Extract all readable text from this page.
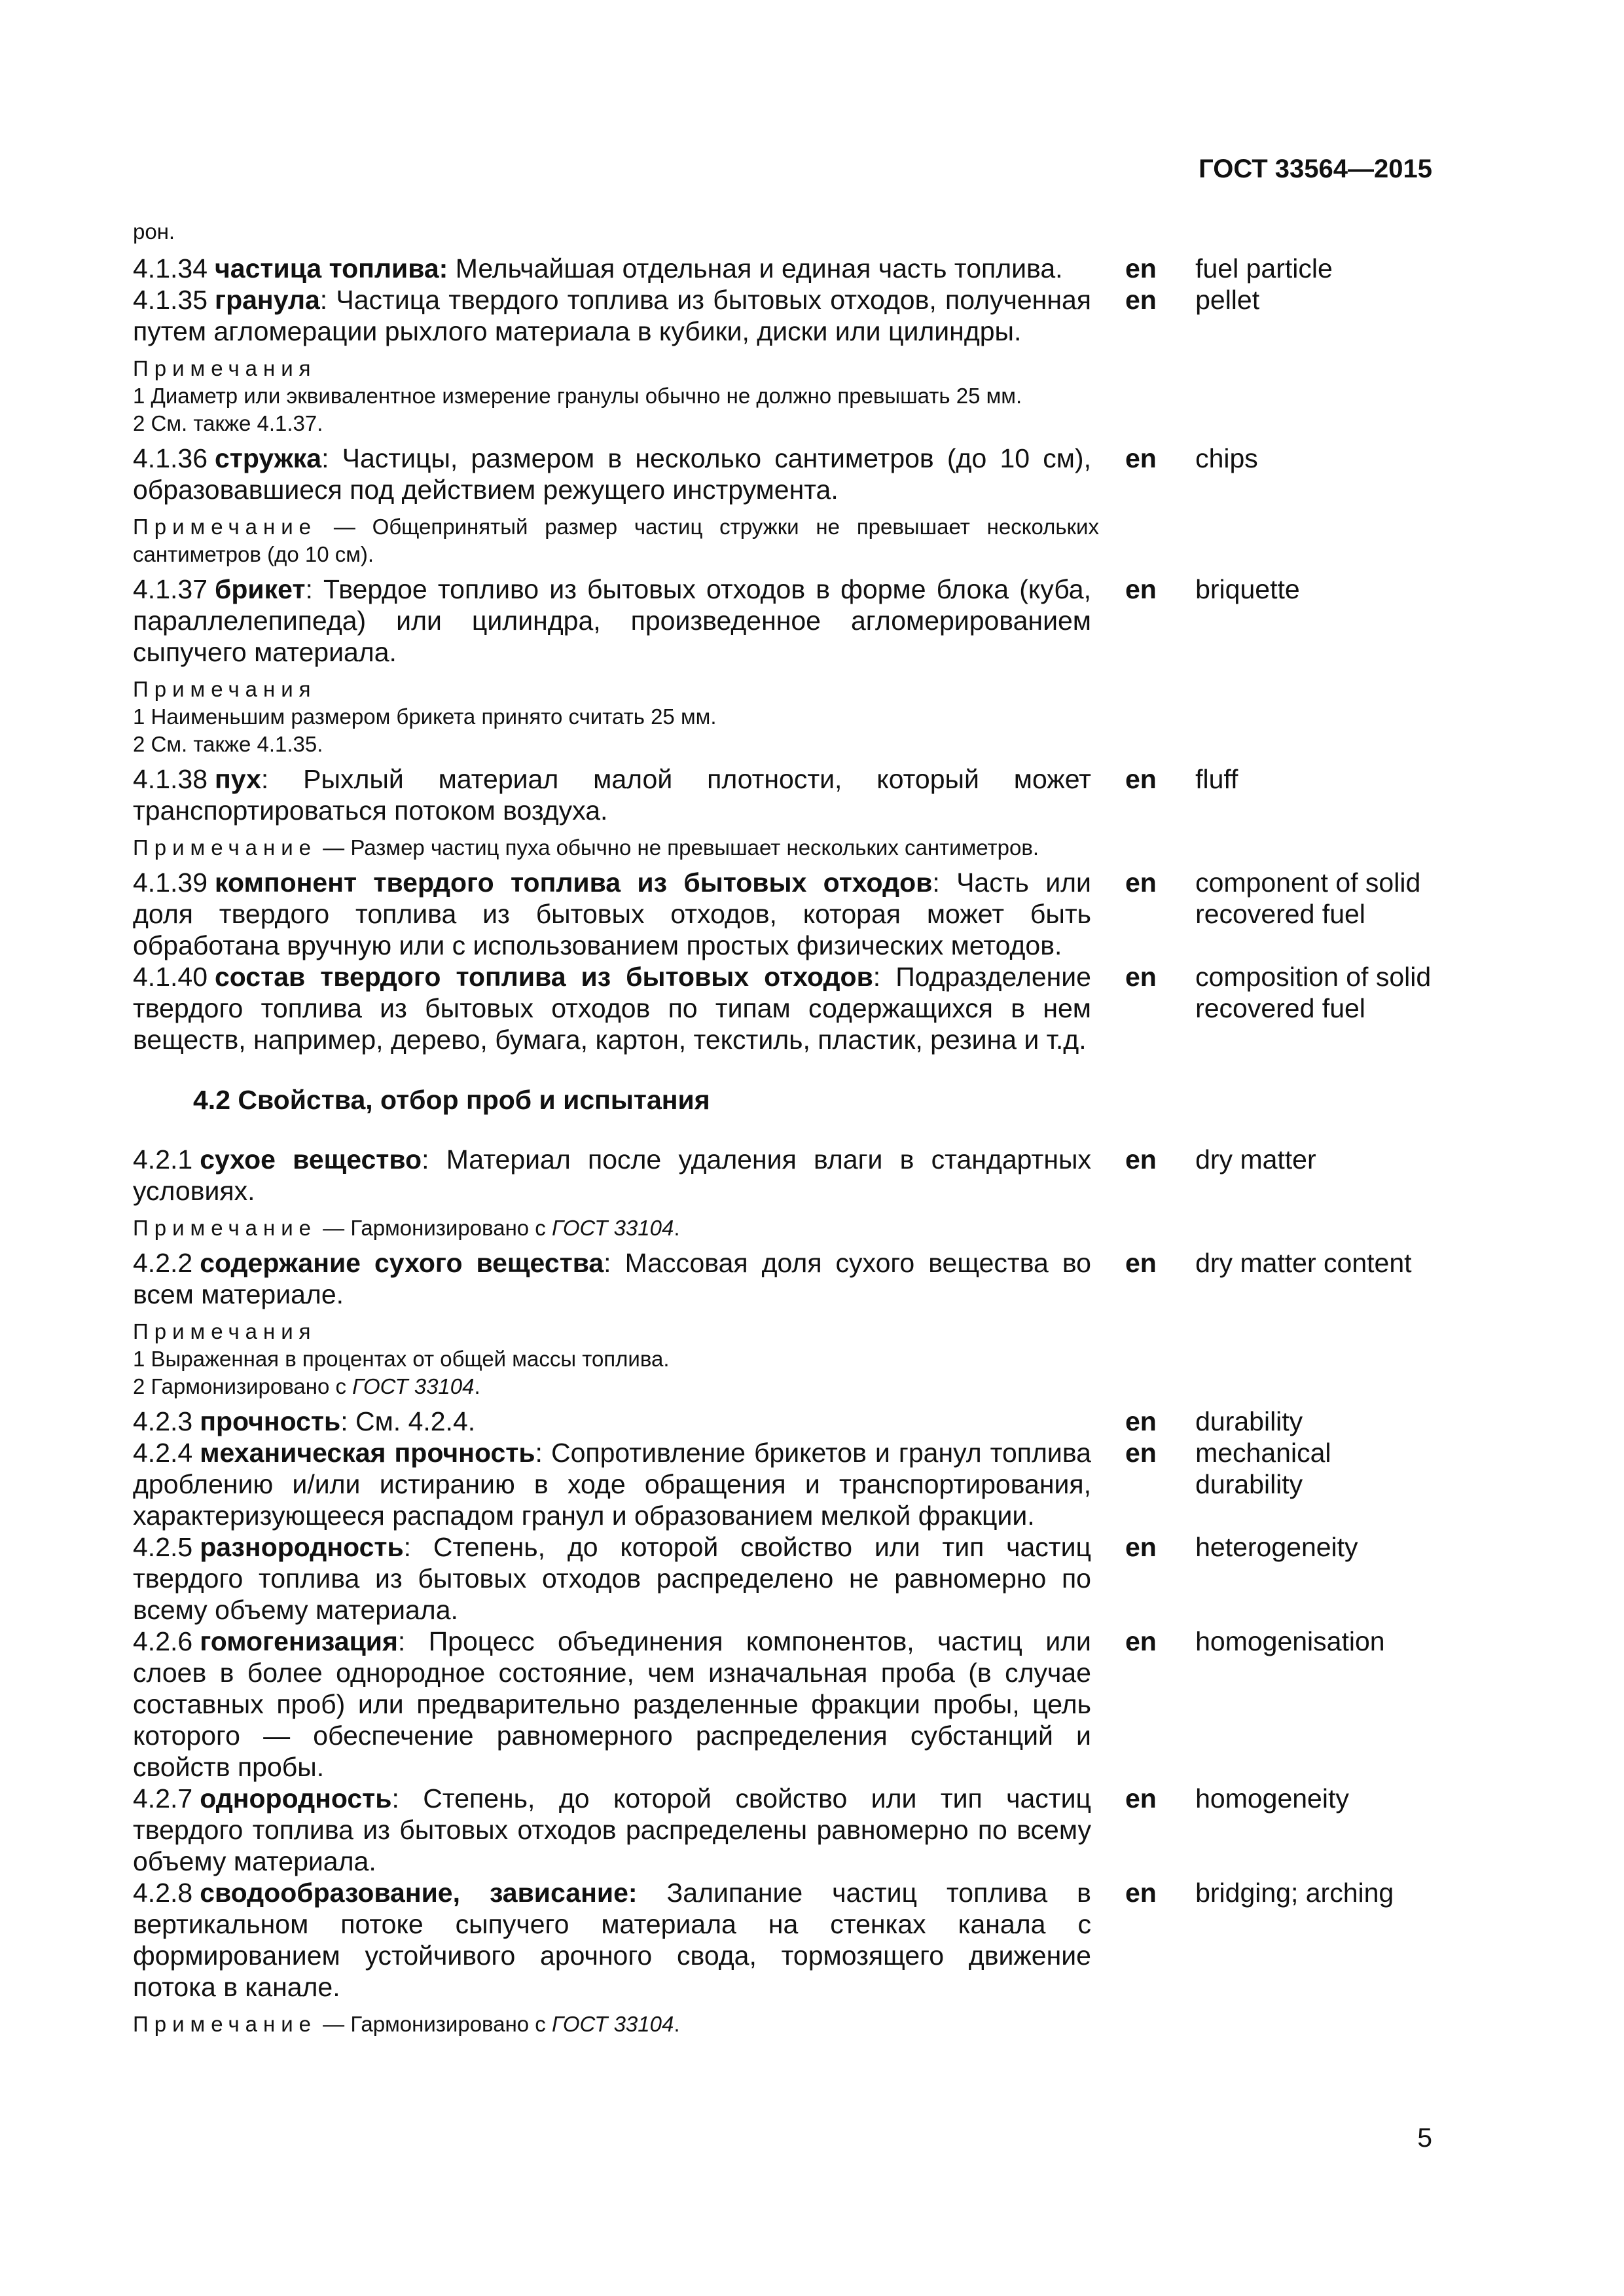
ГОСТ 33564—2015
рон.
4.1.34 частица топлива: Мельчайшая отдельная и единая часть топлива.	en	fuel particle
4.1.35 гранула: Частица твердого топлива из бытовых отходов, полученная путем агломерации рыхлого материала в кубики, диски или цилиндры.
en	pellet

Примечания

1 Диаметр или эквивалентное измерение гранулы обычно не должно превышать 25 мм.

2 См. также 4.1.37.

4.1.36 стружка: Частицы, размером в несколько сантиметров (до 10 см), образовавшиеся под действием режущего инструмента.
en	chips

Примечание — Общепринятый размер частиц стружки не превышает нескольких сантиметров (до 10 см).

4.1.37 брикет: Твердое топливо из бытовых отходов в форме блока (куба, параллелепипеда) или цилиндра, произведенное агломерированием сыпучего материала.
en	briquette

Примечания

1 Наименьшим размером брикета принято считать 25 мм.

2 См. также 4.1.35.

4.1.38 пух: Рыхлый материал малой плотности, который может транспортироваться потоком воздуха.
en	fluff

Примечание — Размер частиц пуха обычно не превышает нескольких сантиметров.

4.1.39 компонент твердого топлива из бытовых отходов: Часть или доля твердого топлива из бытовых отходов, которая может быть обработана вручную или с использованием простых физических методов.
en	component of solid recovered fuel
4.1.40 состав твердого топлива из бытовых отходов: Подразделение твердого топлива из бытовых отходов по типам содержащихся в нем веществ, например, дерево, бумага, картон, текстиль, пластик, резина и т.д.
en	composition of solid recovered fuel
4.2 Свойства, отбор проб и испытания
4.2.1 сухое вещество: Материал после удаления влаги в стандартных условиях.
en	dry matter

Примечание — Гармонизировано с ГОСТ 33104.

4.2.2 содержание сухого вещества: Массовая доля сухого вещества во всем материале.
en	dry matter content

Примечания

1 Выраженная в процентах от общей массы топлива.

2 Гармонизировано с ГОСТ 33104.

4.2.3 прочность: См. 4.2.4.	en	durability
4.2.4 механическая прочность: Сопротивление брикетов и гранул топлива дроблению и/или истиранию в ходе обращения и транспортирования, характеризующееся распадом гранул и образованием мелкой фракции.
en	mechanical durability
4.2.5 разнородность: Степень, до которой свойство или тип частиц твердого топлива из бытовых отходов распределено не равномерно по всему объему материала.
en	heterogeneity
4.2.6 гомогенизация: Процесс объединения компонентов, частиц или слоев в более однородное состояние, чем изначальная проба (в случае составных проб) или предварительно разделенные фракции пробы, цель которого — обеспечение равномерного распределения субстанций и свойств пробы.
en	homogenisation
4.2.7 однородность: Степень, до которой свойство или тип частиц твердого топлива из бытовых отходов распределены равномерно по всему объему материала.
en	homogeneity
4.2.8 сводообразование, зависание: Залипание частиц топлива в вертикальном потоке сыпучего материала на стенках канала с формированием устойчивого арочного свода, тормозящего движение потока в канале.
en	bridging; arching

Примечание — Гармонизировано с ГОСТ 33104.

5
